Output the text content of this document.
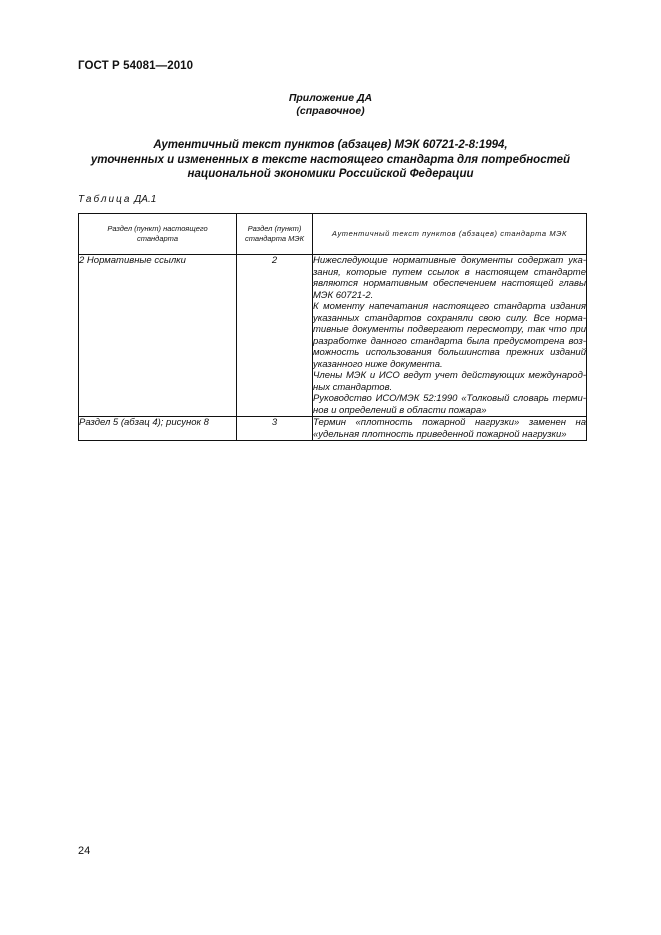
ГОСТ Р 54081—2010
Приложение ДА
(справочное)
Аутентичный текст пунктов (абзацев) МЭК 60721-2-8:1994,
уточненных и измененных в тексте настоящего стандарта для потребностей
национальной экономики Российской Федерации
Таблица ДА.1
Раздел (пункт) настоящего стандарта	Раздел (пункт) стандарта МЭК	Аутентичный текст пунктов (абзацев) стандарта МЭК
2 Нормативные ссылки	2	Нижеследующие нормативные документы содержат указания, которые путем ссылок в настоящем стандарте являются нормативным обеспечением настоящей главы МЭК 60721-2.

К моменту напечатания настоящего стандарта издания указанных стандартов сохраняли свою силу. Все нормативные документы подвергают пересмотру, так что при разработке данного стандарта была предусмотрена возможность использования большинства прежних изданий указанного ниже документа.

Члены МЭК и ИСО ведут учет действующих международных стандартов.

Руководство ИСО/МЭК 52:1990 «Толковый словарь терминов и определений в области пожара»

Раздел 5 (абзац 4); рисунок 8	3	Термин «плотность пожарной нагрузки» заменен на «удельная плотность приведенной пожарной нагрузки»

24
